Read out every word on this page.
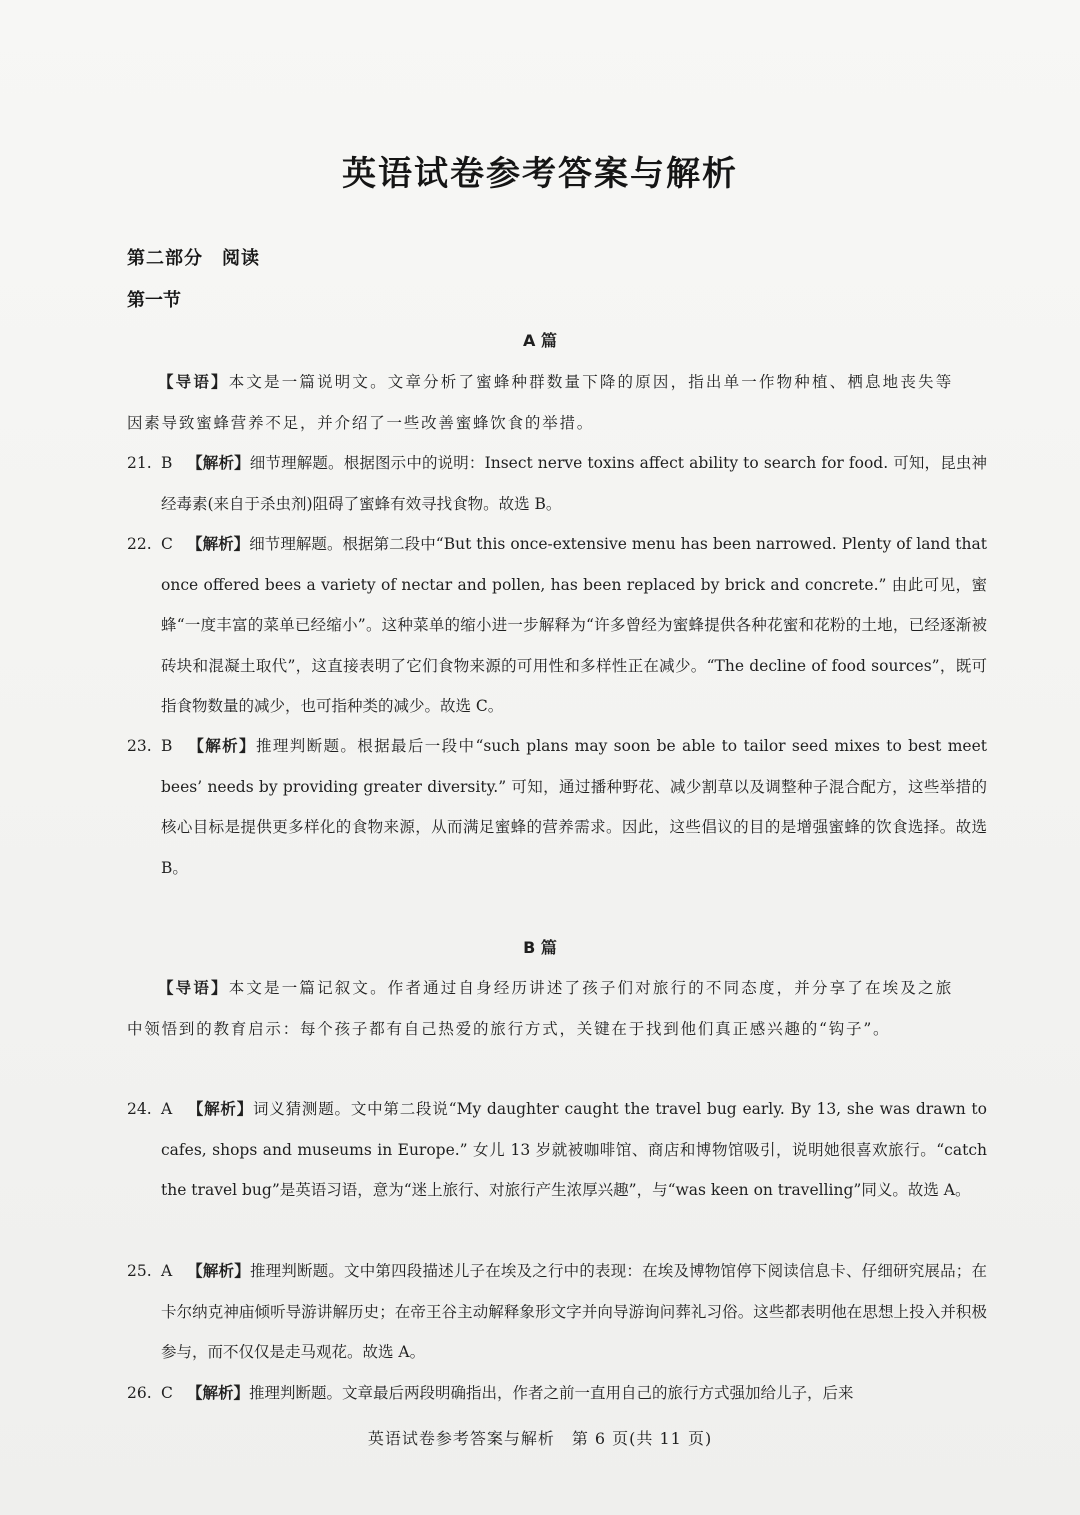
英语试卷参考答案与解析
第二部分　阅读
第一节
A 篇
【导语】本文是一篇说明文。文章分析了蜜蜂种群数量下降的原因，指出单一作物种植、栖息地丧失等因素导致蜜蜂营养不足，并介绍了一些改善蜜蜂饮食的举措。
21. B 【解析】细节理解题。根据图示中的说明：Insect nerve toxins affect ability to search for food. 可知，昆虫神经毒素(来自于杀虫剂)阻碍了蜜蜂有效寻找食物。故选 B。
22. C 【解析】细节理解题。根据第二段中“But this once-extensive menu has been narrowed. Plenty of land that once offered bees a variety of nectar and pollen, has been replaced by brick and concrete.” 由此可见，蜜蜂“一度丰富的菜单已经缩小”。这种菜单的缩小进一步解释为“许多曾经为蜜蜂提供各种花蜜和花粉的土地，已经逐渐被砖块和混凝土取代”，这直接表明了它们食物来源的可用性和多样性正在减少。“The decline of food sources”，既可指食物数量的减少，也可指种类的减少。故选 C。
23. B 【解析】推理判断题。根据最后一段中“such plans may soon be able to tailor seed mixes to best meet bees’ needs by providing greater diversity.” 可知，通过播种野花、减少割草以及调整种子混合配方，这些举措的核心目标是提供更多样化的食物来源，从而满足蜜蜂的营养需求。因此，这些倡议的目的是增强蜜蜂的饮食选择。故选 B。
B 篇
【导语】本文是一篇记叙文。作者通过自身经历讲述了孩子们对旅行的不同态度，并分享了在埃及之旅中领悟到的教育启示：每个孩子都有自己热爱的旅行方式，关键在于找到他们真正感兴趣的“钩子”。
24. A 【解析】词义猜测题。文中第二段说“My daughter caught the travel bug early. By 13, she was drawn to cafes, shops and museums in Europe.” 女儿 13 岁就被咖啡馆、商店和博物馆吸引，说明她很喜欢旅行。“catch the travel bug”是英语习语，意为“迷上旅行、对旅行产生浓厚兴趣”，与“was keen on travelling”同义。故选 A。
25. A 【解析】推理判断题。文中第四段描述儿子在埃及之行中的表现：在埃及博物馆停下阅读信息卡、仔细研究展品；在卡尔纳克神庙倾听导游讲解历史；在帝王谷主动解释象形文字并向导游询问葬礼习俗。这些都表明他在思想上投入并积极参与，而不仅仅是走马观花。故选 A。
26. C 【解析】推理判断题。文章最后两段明确指出，作者之前一直用自己的旅行方式强加给儿子，后来
英语试卷参考答案与解析　第 6 页(共 11 页)
